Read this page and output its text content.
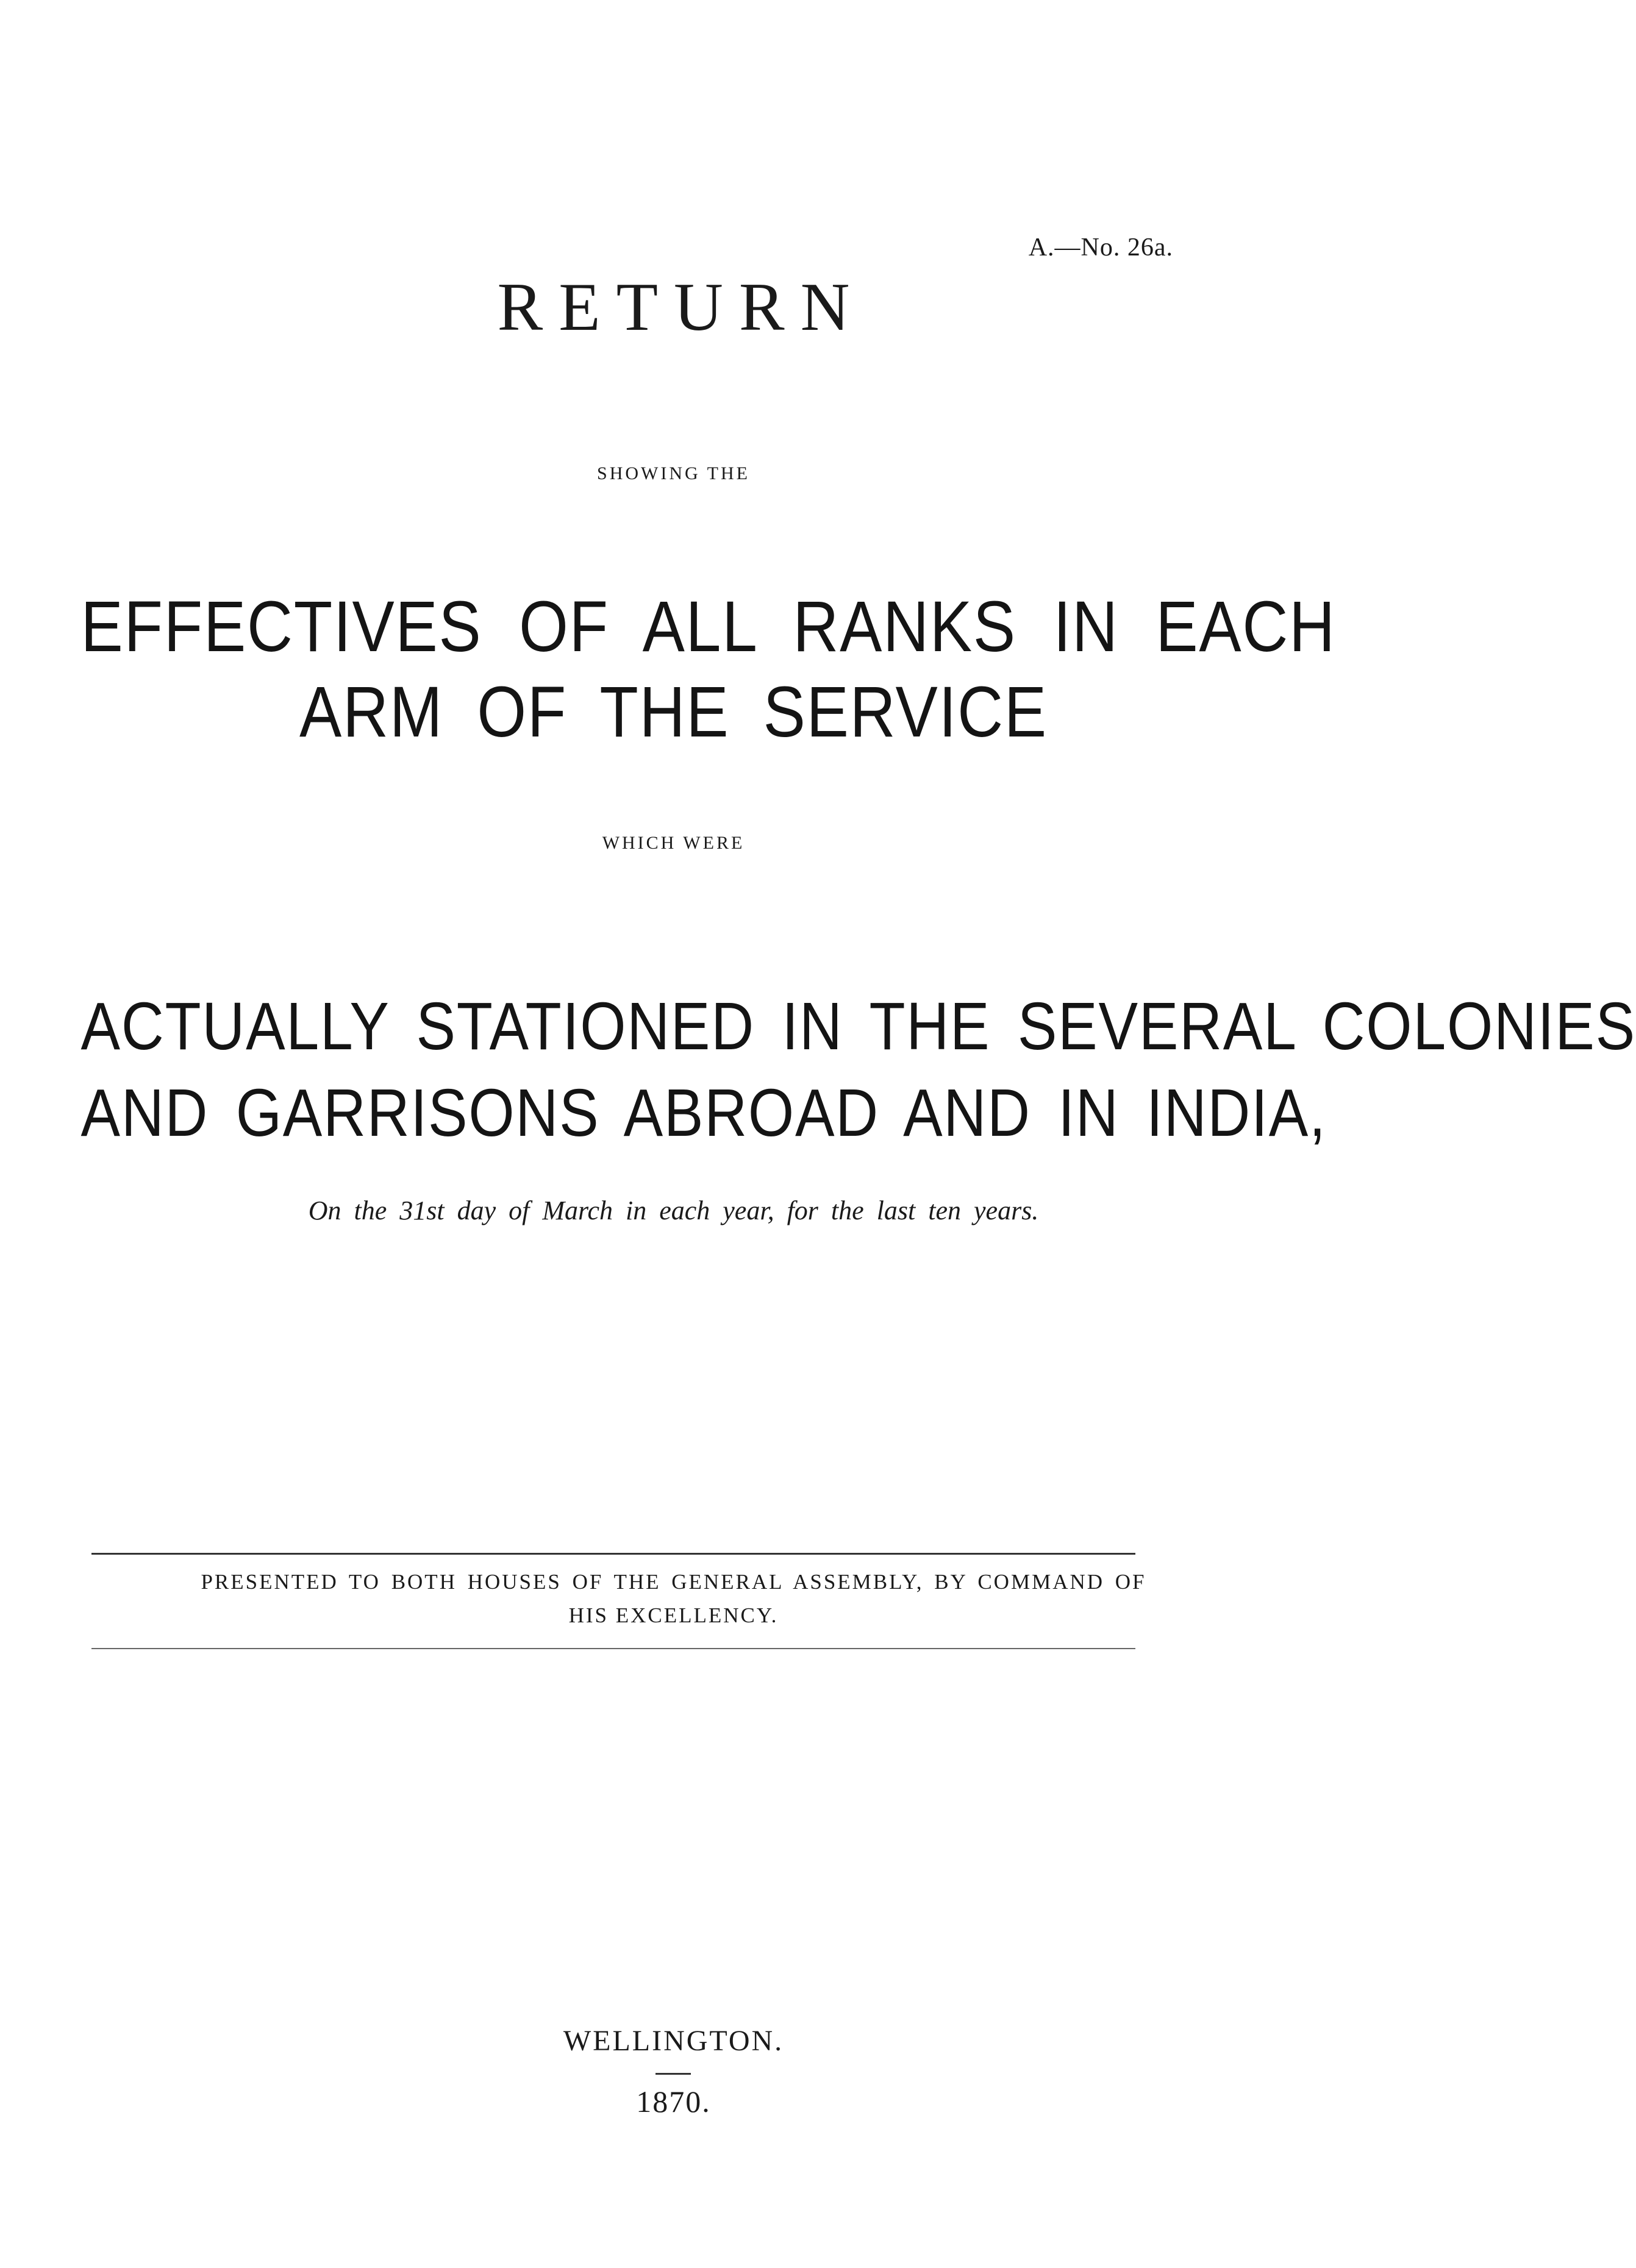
A.—No. 26a.
RETURN
SHOWING THE
EFFECTIVES OF ALL RANKS IN EACH
ARM OF THE SERVICE
WHICH WERE
ACTUALLY STATIONED IN THE SEVERAL COLONIES
AND GARRISONS ABROAD AND IN INDIA,
On the 31st day of March in each year, for the last ten years.
PRESENTED TO BOTH HOUSES OF THE GENERAL ASSEMBLY, BY COMMAND OF
HIS EXCELLENCY.
WELLINGTON.
1870.
